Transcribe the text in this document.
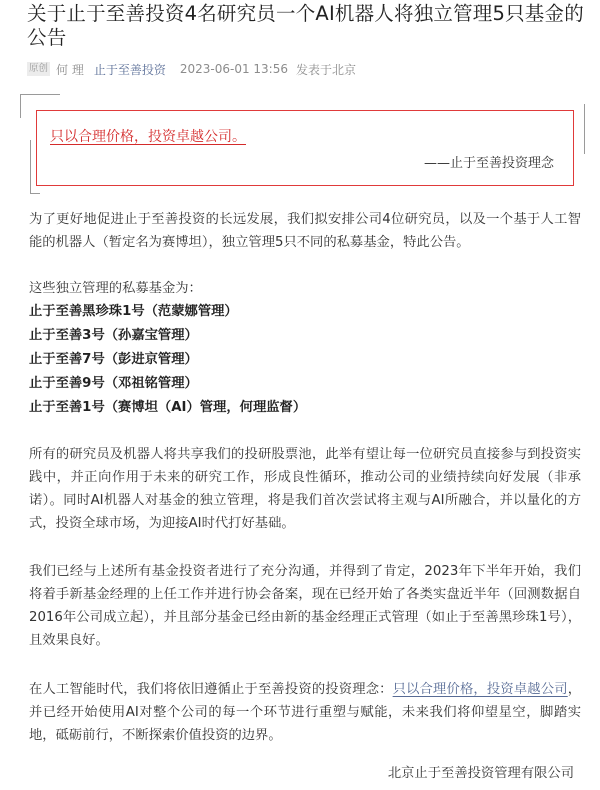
关于止于至善投资4名研究员一个AI机器人将独立管理5只基金的公告
原创 何 理 止于至善投资 2023-06-01 13:56 发表于北京
只以合理价格，投资卓越公司。
——止于至善投资理念

为了更好地促进止于至善投资的长远发展，我们拟安排公司4位研究员，以及一个基于人工智能的机器人（暂定名为赛博坦），独立管理5只不同的私募基金，特此公告。

这些独立管理的私募基金为：
止于至善黑珍珠1号（范蒙娜管理）
止于至善3号（孙嘉宝管理）
止于至善7号（彭进京管理）
止于至善9号（邓祖铭管理）
止于至善1号（赛博坦（AI）管理，何理监督）

所有的研究员及机器人将共享我们的投研股票池，此举有望让每一位研究员直接参与到投资实践中，并正向作用于未来的研究工作，形成良性循环，推动公司的业绩持续向好发展（非承诺）。同时AI机器人对基金的独立管理，将是我们首次尝试将主观与AI所融合，并以量化的方式，投资全球市场，为迎接AI时代打好基础。

我们已经与上述所有基金投资者进行了充分沟通，并得到了肯定，2023年下半年开始，我们将着手新基金经理的上任工作并进行协会备案，现在已经开始了各类实盘近半年（回测数据自2016年公司成立起），并且部分基金已经由新的基金经理正式管理（如止于至善黑珍珠1号），且效果良好。

在人工智能时代，我们将依旧遵循止于至善投资的投资理念：只以合理价格，投资卓越公司，并已经开始使用AI对整个公司的每一个环节进行重塑与赋能，未来我们将仰望星空，脚踏实地，砥砺前行，不断探索价值投资的边界。

北京止于至善投资管理有限公司
